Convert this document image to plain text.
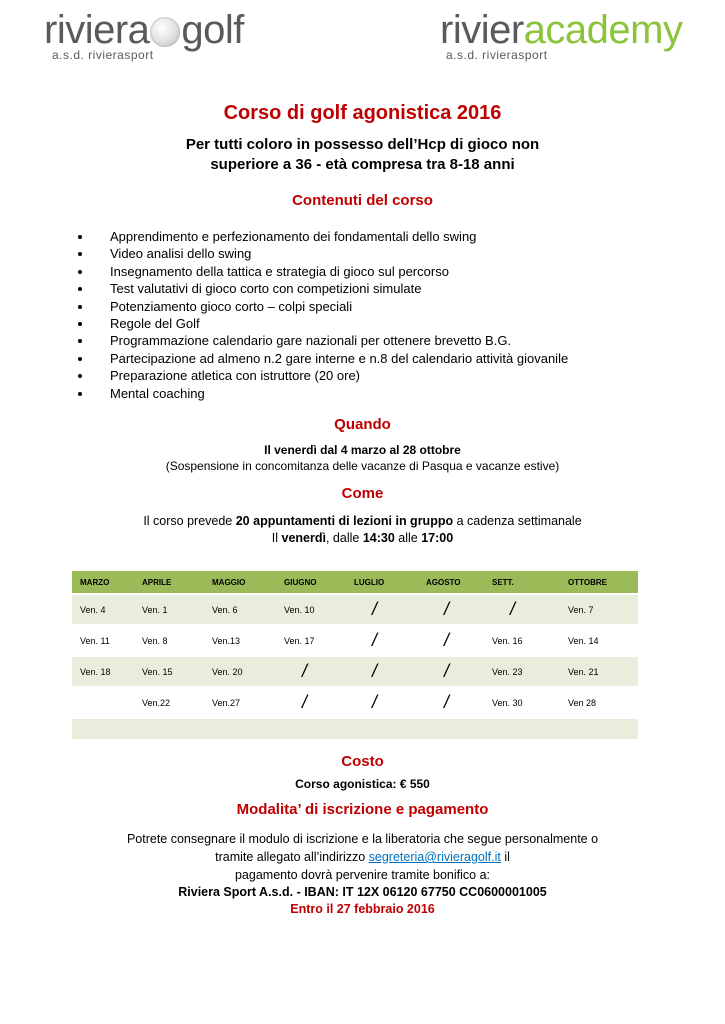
riviera golf
a.s.d. rivierasport
rivieracademy
a.s.d. rivierasport
Corso di golf agonistica 2016
Per tutti coloro in possesso dell’Hcp di gioco non
superiore a 36 - età compresa tra 8-18 anni
Contenuti del corso
Apprendimento e perfezionamento dei fondamentali dello swing
Video analisi dello swing
Insegnamento della tattica e strategia di gioco sul percorso
Test valutativi di gioco corto con competizioni simulate
Potenziamento gioco corto – colpi speciali
Regole del Golf
Programmazione calendario gare nazionali per ottenere brevetto B.G.
Partecipazione ad almeno n.2 gare interne e n.8 del calendario attività giovanile
Preparazione atletica con istruttore (20 ore)
Mental coaching
Quando
Il venerdì dal 4 marzo al 28 ottobre
(Sospensione in concomitanza delle vacanze di Pasqua e vacanze estive)
Come
Il corso prevede 20 appuntamenti di lezioni in gruppo a cadenza settimanale
Il venerdì, dalle 14:30 alle 17:00
MARZO	APRILE	MAGGIO	GIUGNO	LUGLIO	AGOSTO	SETT.	OTTOBRE
Ven. 4	Ven. 1	Ven. 6	Ven. 10	/	/	/	Ven. 7
Ven. 11	Ven. 8	Ven.13	Ven. 17	/	/	Ven. 16	Ven. 14
Ven. 18	Ven. 15	Ven. 20	/	/	/	Ven. 23	Ven. 21
	Ven.22	Ven.27	/	/	/	Ven. 30	Ven 28

Costo
Corso agonistica: € 550
Modalita’ di iscrizione e pagamento
Potrete consegnare il modulo di iscrizione e la liberatoria che segue personalmente o
tramite allegato all’indirizzo segreteria@rivieragolf.it il
pagamento dovrà pervenire tramite bonifico a:
Riviera Sport A.s.d. - IBAN: IT 12X 06120 67750 CC0600001005
Entro il 27 febbraio 2016
